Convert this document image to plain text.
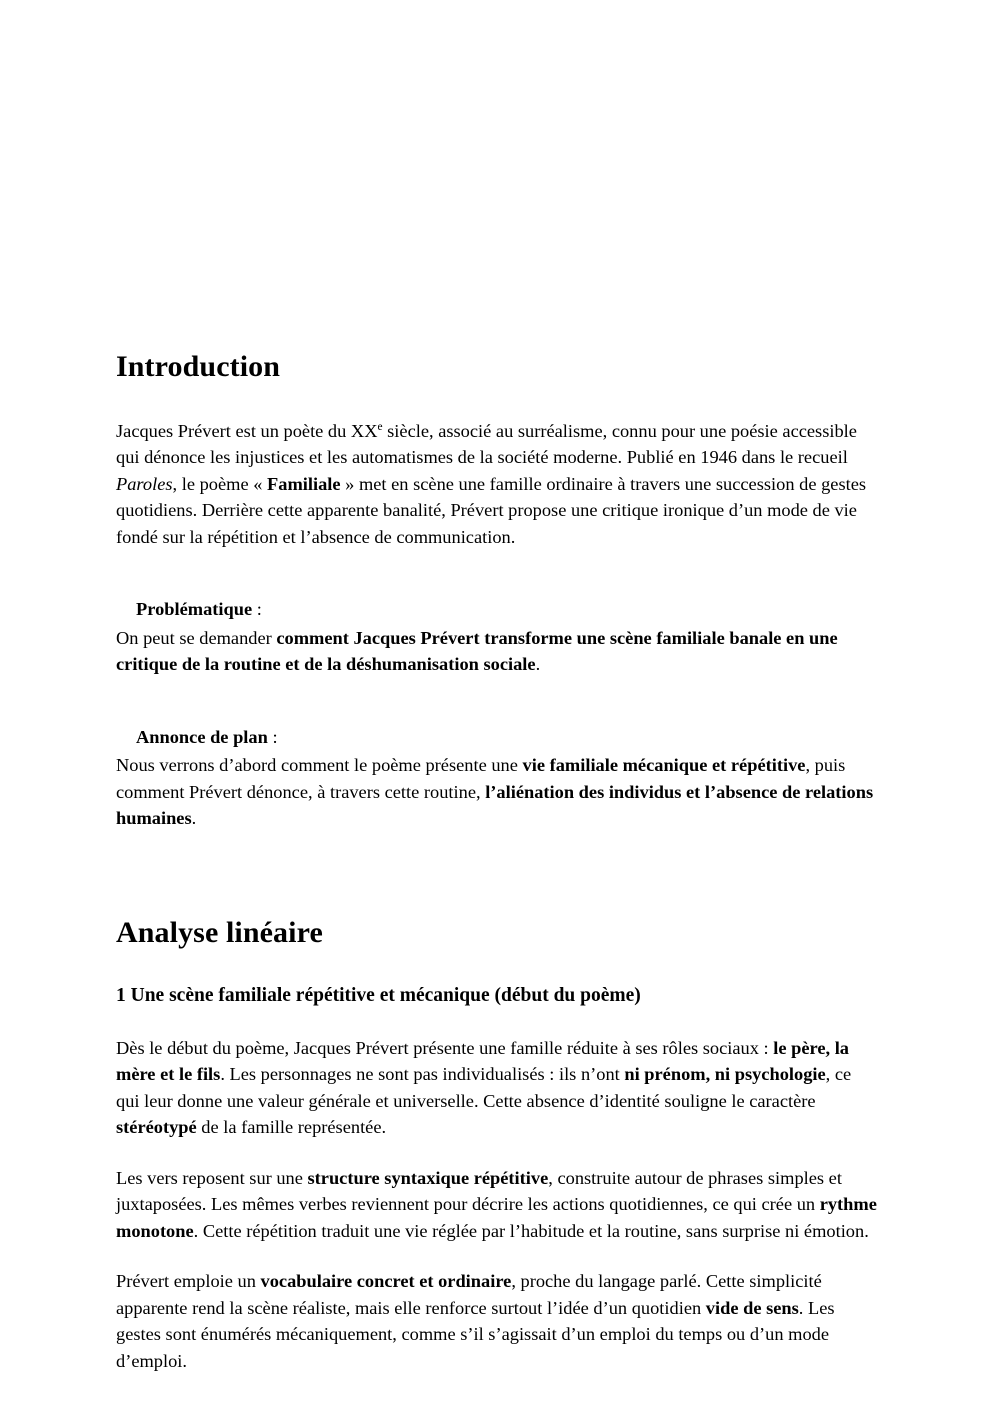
Introduction

Jacques Prévert est un poète du XXe siècle, associé au surréalisme, connu pour une poésie accessible qui dénonce les injustices et les automatismes de la société moderne. Publié en 1946 dans le recueil Paroles, le poème « Familiale » met en scène une famille ordinaire à travers une succession de gestes quotidiens. Derrière cette apparente banalité, Prévert propose une critique ironique d’un mode de vie fondé sur la répétition et l’absence de communication.

Problématique :

On peut se demander comment Jacques Prévert transforme une scène familiale banale en une critique de la routine et de la déshumanisation sociale.

Annonce de plan :

Nous verrons d’abord comment le poème présente une vie familiale mécanique et répétitive, puis comment Prévert dénonce, à travers cette routine, l’aliénation des individus et l’absence de relations humaines.

Analyse linéaire
1 Une scène familiale répétitive et mécanique (début du poème)

Dès le début du poème, Jacques Prévert présente une famille réduite à ses rôles sociaux : le père, la mère et le fils. Les personnages ne sont pas individualisés : ils n’ont ni prénom, ni psychologie, ce qui leur donne une valeur générale et universelle. Cette absence d’identité souligne le caractère stéréotypé de la famille représentée.

Les vers reposent sur une structure syntaxique répétitive, construite autour de phrases simples et juxtaposées. Les mêmes verbes reviennent pour décrire les actions quotidiennes, ce qui crée un rythme monotone. Cette répétition traduit une vie réglée par l’habitude et la routine, sans surprise ni émotion.

Prévert emploie un vocabulaire concret et ordinaire, proche du langage parlé. Cette simplicité apparente rend la scène réaliste, mais elle renforce surtout l’idée d’un quotidien vide de sens. Les gestes sont énumérés mécaniquement, comme s’il s’agissait d’un emploi du temps ou d’un mode d’emploi.
